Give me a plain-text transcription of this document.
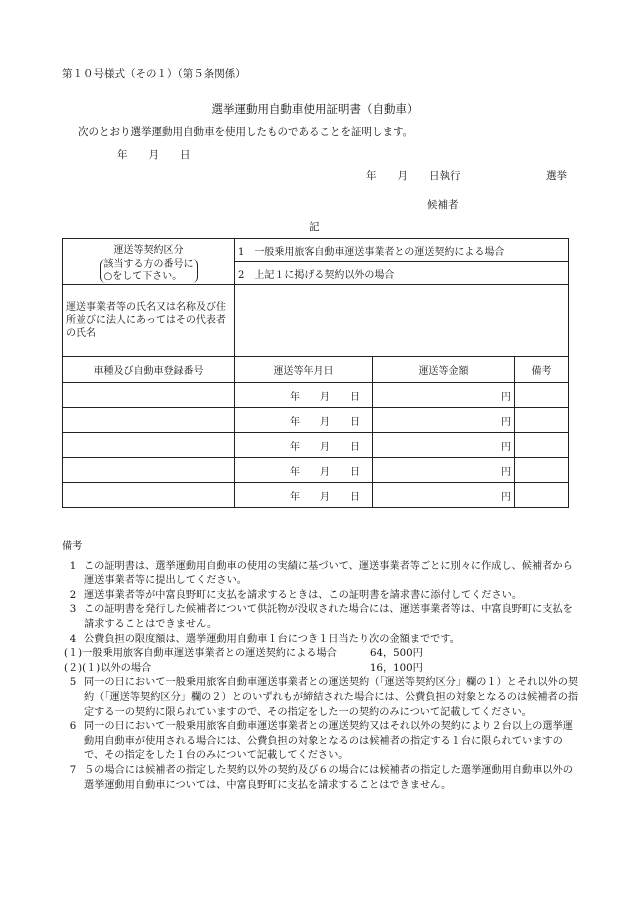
第１０号様式（その１）（第５条関係）
選挙運動用自動車使用証明書（自動車）
次のとおり選挙運動用自動車を使用したものであることを証明します。
年　　月　　日
年　　月　　日執行	選挙
候補者
記
運送等契約区分
該当する方の番号に
○をして下さい。	1　一般乗用旅客自動車運送事業者との運送契約による場合		
	2　上記１に掲げる契約以外の場合		
運送事業者等の氏名又は名称及び住所並びに法人にあってはその代表者の氏名			
車種及び自動車登録番号	運送等年月日	運送等金額	備考
	年　　月　　日	円	
	年　　月　　日	円	
	年　　月　　日	円	
	年　　月　　日	円	
	年　　月　　日	円	
備考
1 この証明書は、選挙運動用自動車の使用の実績に基づいて、運送事業者等ごとに別々に作成し、候補者から運送事業者等に提出してください。
2 運送事業者等が中富良野町に支払を請求するときは、この証明書を請求書に添付してください。
3 この証明書を発行した候補者について供託物が没収された場合には、運送事業者等は、中富良野町に支払を請求することはできません。
4 公費負担の限度額は、選挙運動用自動車１台につき１日当たり次の金額までです。
(１)一般乗用旅客自動車運送事業者との運送契約による場合	64，500円
(２)(１)以外の場合	16，100円
5 同一の日において一般乗用旅客自動車運送事業者との運送契約（「運送等契約区分」欄の１）とそれ以外の契約（「運送等契約区分」欄の２）とのいずれもが締結された場合には、公費負担の対象となるのは候補者の指定する一の契約に限られていますので、その指定をした一の契約のみについて記載してください。
6 同一の日において一般乗用旅客自動車運送事業者との運送契約又はそれ以外の契約により２台以上の選挙運動用自動車が使用される場合には、公費負担の対象となるのは候補者の指定する１台に限られていますので、その指定をした１台のみについて記載してください。
7 ５の場合には候補者の指定した契約以外の契約及び６の場合には候補者の指定した選挙運動用自動車以外の選挙運動用自動車については、中富良野町に支払を請求することはできません。
